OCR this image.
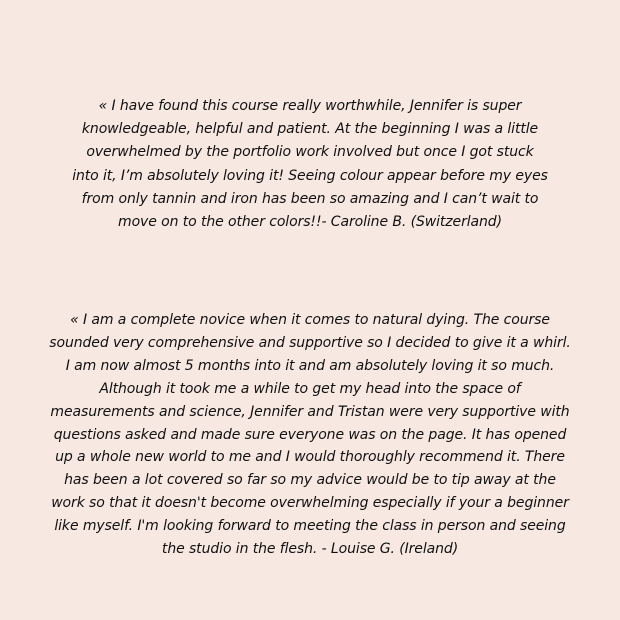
« I have found this course really worthwhile, Jennifer is super
knowledgeable, helpful and patient. At the beginning I was a little
overwhelmed by the portfolio work involved but once I got stuck
into it, I’m absolutely loving it! Seeing colour appear before my eyes
from only tannin and iron has been so amazing and I can’t wait to
move on to the other colors!!- Caroline B. (Switzerland)
« I am a complete novice when it comes to natural dying. The course
sounded very comprehensive and supportive so I decided to give it a whirl.
I am now almost 5 months into it and am absolutely loving it so much.
Although it took me a while to get my head into the space of
measurements and science, Jennifer and Tristan were very supportive with
questions asked and made sure everyone was on the page. It has opened
up a whole new world to me and I would thoroughly recommend it. There
has been a lot covered so far so my advice would be to tip away at the
work so that it doesn't become overwhelming especially if your a beginner
like myself. I'm looking forward to meeting the class in person and seeing
the studio in the flesh. - Louise G. (Ireland)
